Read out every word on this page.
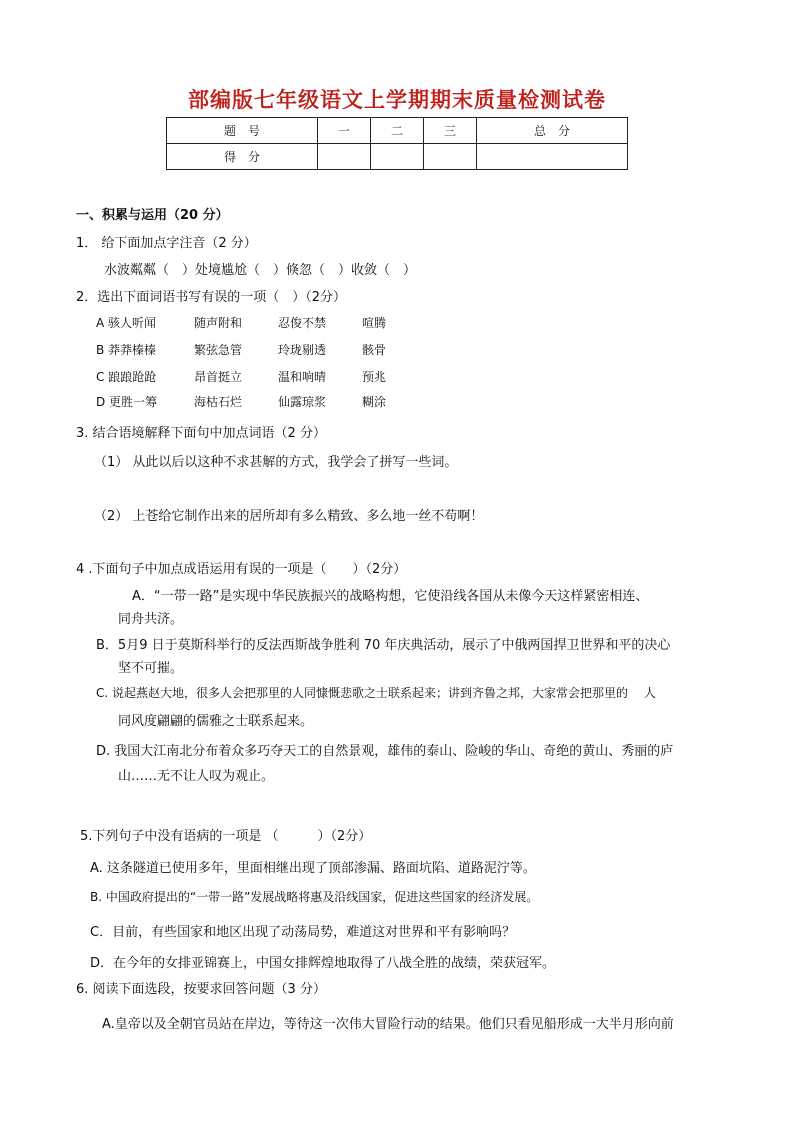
部编版七年级语文上学期期末质量检测试卷
题　号	一	二	三	总　分
得　分				
一、积累与运用（20 分）
1． 给下面加点字注音（2 分）
水波粼粼（　）处境尴尬（　）倏忽（　）收敛（　）
2．选出下面词语书写有误的一项（　）（2分）
A 骇人听闻	随声附和	忍俊不禁	喧腾
B 莽莽榛榛	繁弦急管	玲珑剔透	骸骨
C 踉踉跄跄	昂首挺立	温和响晴	预兆
D 更胜一筹	海枯石烂	仙露琼浆	糊涂
3. 结合语境解释下面句中加点词语（2 分）
（1） 从此以后以这种不求甚解的方式，我学会了拼写一些词。
（2） 上苍给它制作出来的居所却有多么精致、多么地一丝不苟啊！
4 .下面句子中加点成语运用有误的一项是（　　）（2分）
A．“一带一路”是实现中华民族振兴的战略构想，它使沿线各国从未像今天这样紧密相连、
同舟共济。
B．5月9 日于莫斯科举行的反法西斯战争胜利 70 年庆典活动，展示了中俄两国捍卫世界和平的决心
坚不可摧。
C. 说起燕赵大地，很多人会把那里的人同慷慨悲歌之士联系起来；讲到齐鲁之邦，大家常会把那里的　 人
同风度翩翩的儒雅之士联系起来。
D. 我国大江南北分布着众多巧夺天工的自然景观，雄伟的泰山、险峻的华山、奇绝的黄山、秀丽的庐
山……无不让人叹为观止。
5.下列句子中没有语病的一项是 （　　　）（2分）
A. 这条隧道已使用多年，里面相继出现了顶部渗漏、路面坑陷、道路泥泞等。
B. 中国政府提出的“一带一路”发展战略将惠及沿线国家，促进这些国家的经济发展。
C．目前，有些国家和地区出现了动荡局势，难道这对世界和平有影响吗？
D．在今年的女排亚锦赛上，中国女排辉煌地取得了八战全胜的战绩，荣获冠军。
6. 阅读下面选段，按要求回答问题（3 分）
A.皇帝以及全朝官员站在岸边，等待这一次伟大冒险行动的结果。他们只看见船形成一大半月形向前
